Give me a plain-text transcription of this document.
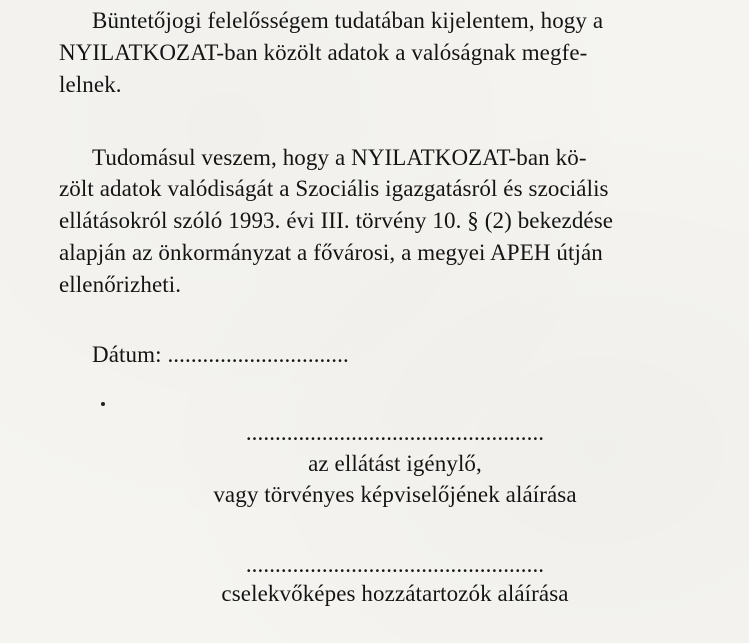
Büntetőjogi felelősségem tudatában kijelentem, hogy a
NYILATKOZAT-ban közölt adatok a valóságnak megfe-
lelnek.
Tudomásul veszem, hogy a NYILATKOZAT-ban kö-
zölt adatok valódiságát a Szociális igazgatásról és szociális
ellátásokról szóló 1993. évi III. törvény 10. § (2) bekezdése
alapján az önkormányzat a fővárosi, a megyei APEH útján
ellenőrizheti.
Dátum: ...............................
...................................................
az ellátást igénylő,
vagy törvényes képviselőjének aláírása
...................................................
cselekvőképes hozzátartozók aláírása
